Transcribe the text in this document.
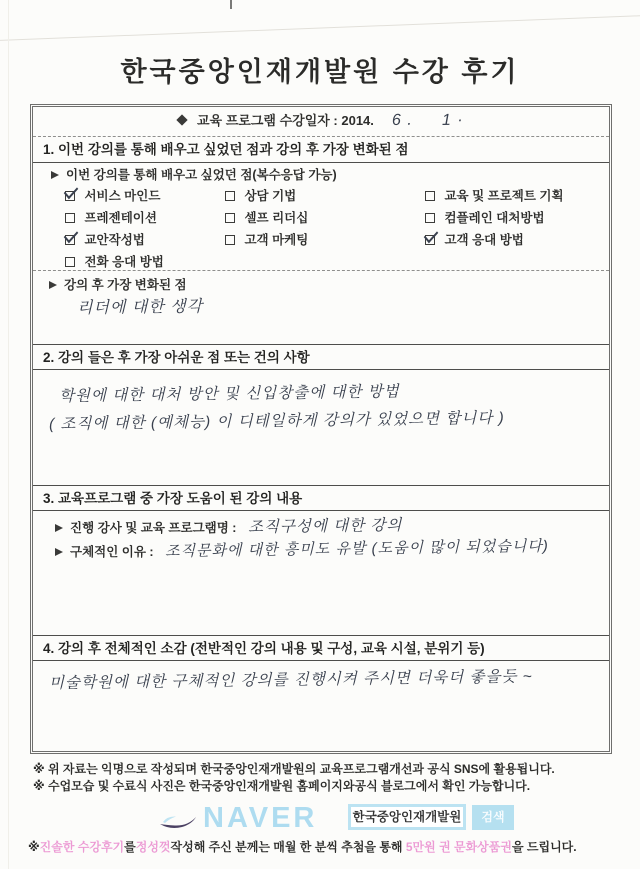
한국중앙인재개발원 수강 후기
교육 프로그램 수강일자 : 2014. 6 . 1 ·
1. 이번 강의를 통해 배우고 싶었던 점과 강의 후 가장 변화된 점
이번 강의를 통해 배우고 싶었던 점(복수응답 가능)
서비스 마인드	상담 기법	교육 및 프로젝트 기획
프레젠테이션	셀프 리더십	컴플레인 대처방법
교안작성법	고객 마케팅	고객 응대 방법
전화 응대 방법
강의 후 가장 변화된 점
리더에 대한 생각
2. 강의 들은 후 가장 아쉬운 점 또는 건의 사항
학원에 대한 대처 방안 및 신입창출에 대한 방법
( 조직에 대한 (예체능) 이 디테일하게 강의가 있었으면 합니다 )
3. 교육프로그램 중 가장 도움이 된 강의 내용
진행 강사 및 교육 프로그램명 : 조직구성에 대한 강의
구체적인 이유 : 조직문화에 대한 흥미도 유발 (도움이 많이 되었습니다)
4. 강의 후 전체적인 소감 (전반적인 강의 내용 및 구성, 교육 시설, 분위기 등)
미술학원에 대한 구체적인 강의를 진행시켜 주시면 더욱더 좋을듯 ~
※ 위 자료는 익명으로 작성되며 한국중앙인재개발원의 교육프로그램개선과 공식 SNS에 활용됩니다.
※ 수업모습 및 수료식 사진은 한국중앙인재개발원 홈페이지와공식 블로그에서 확인 가능합니다.
NAVER	한국중앙인재개발원	검색
※진솔한 수강후기를정성껏작성해 주신 분께는 매월 한 분씩 추첨을 통해 5만원 권 문화상품권을 드립니다.
